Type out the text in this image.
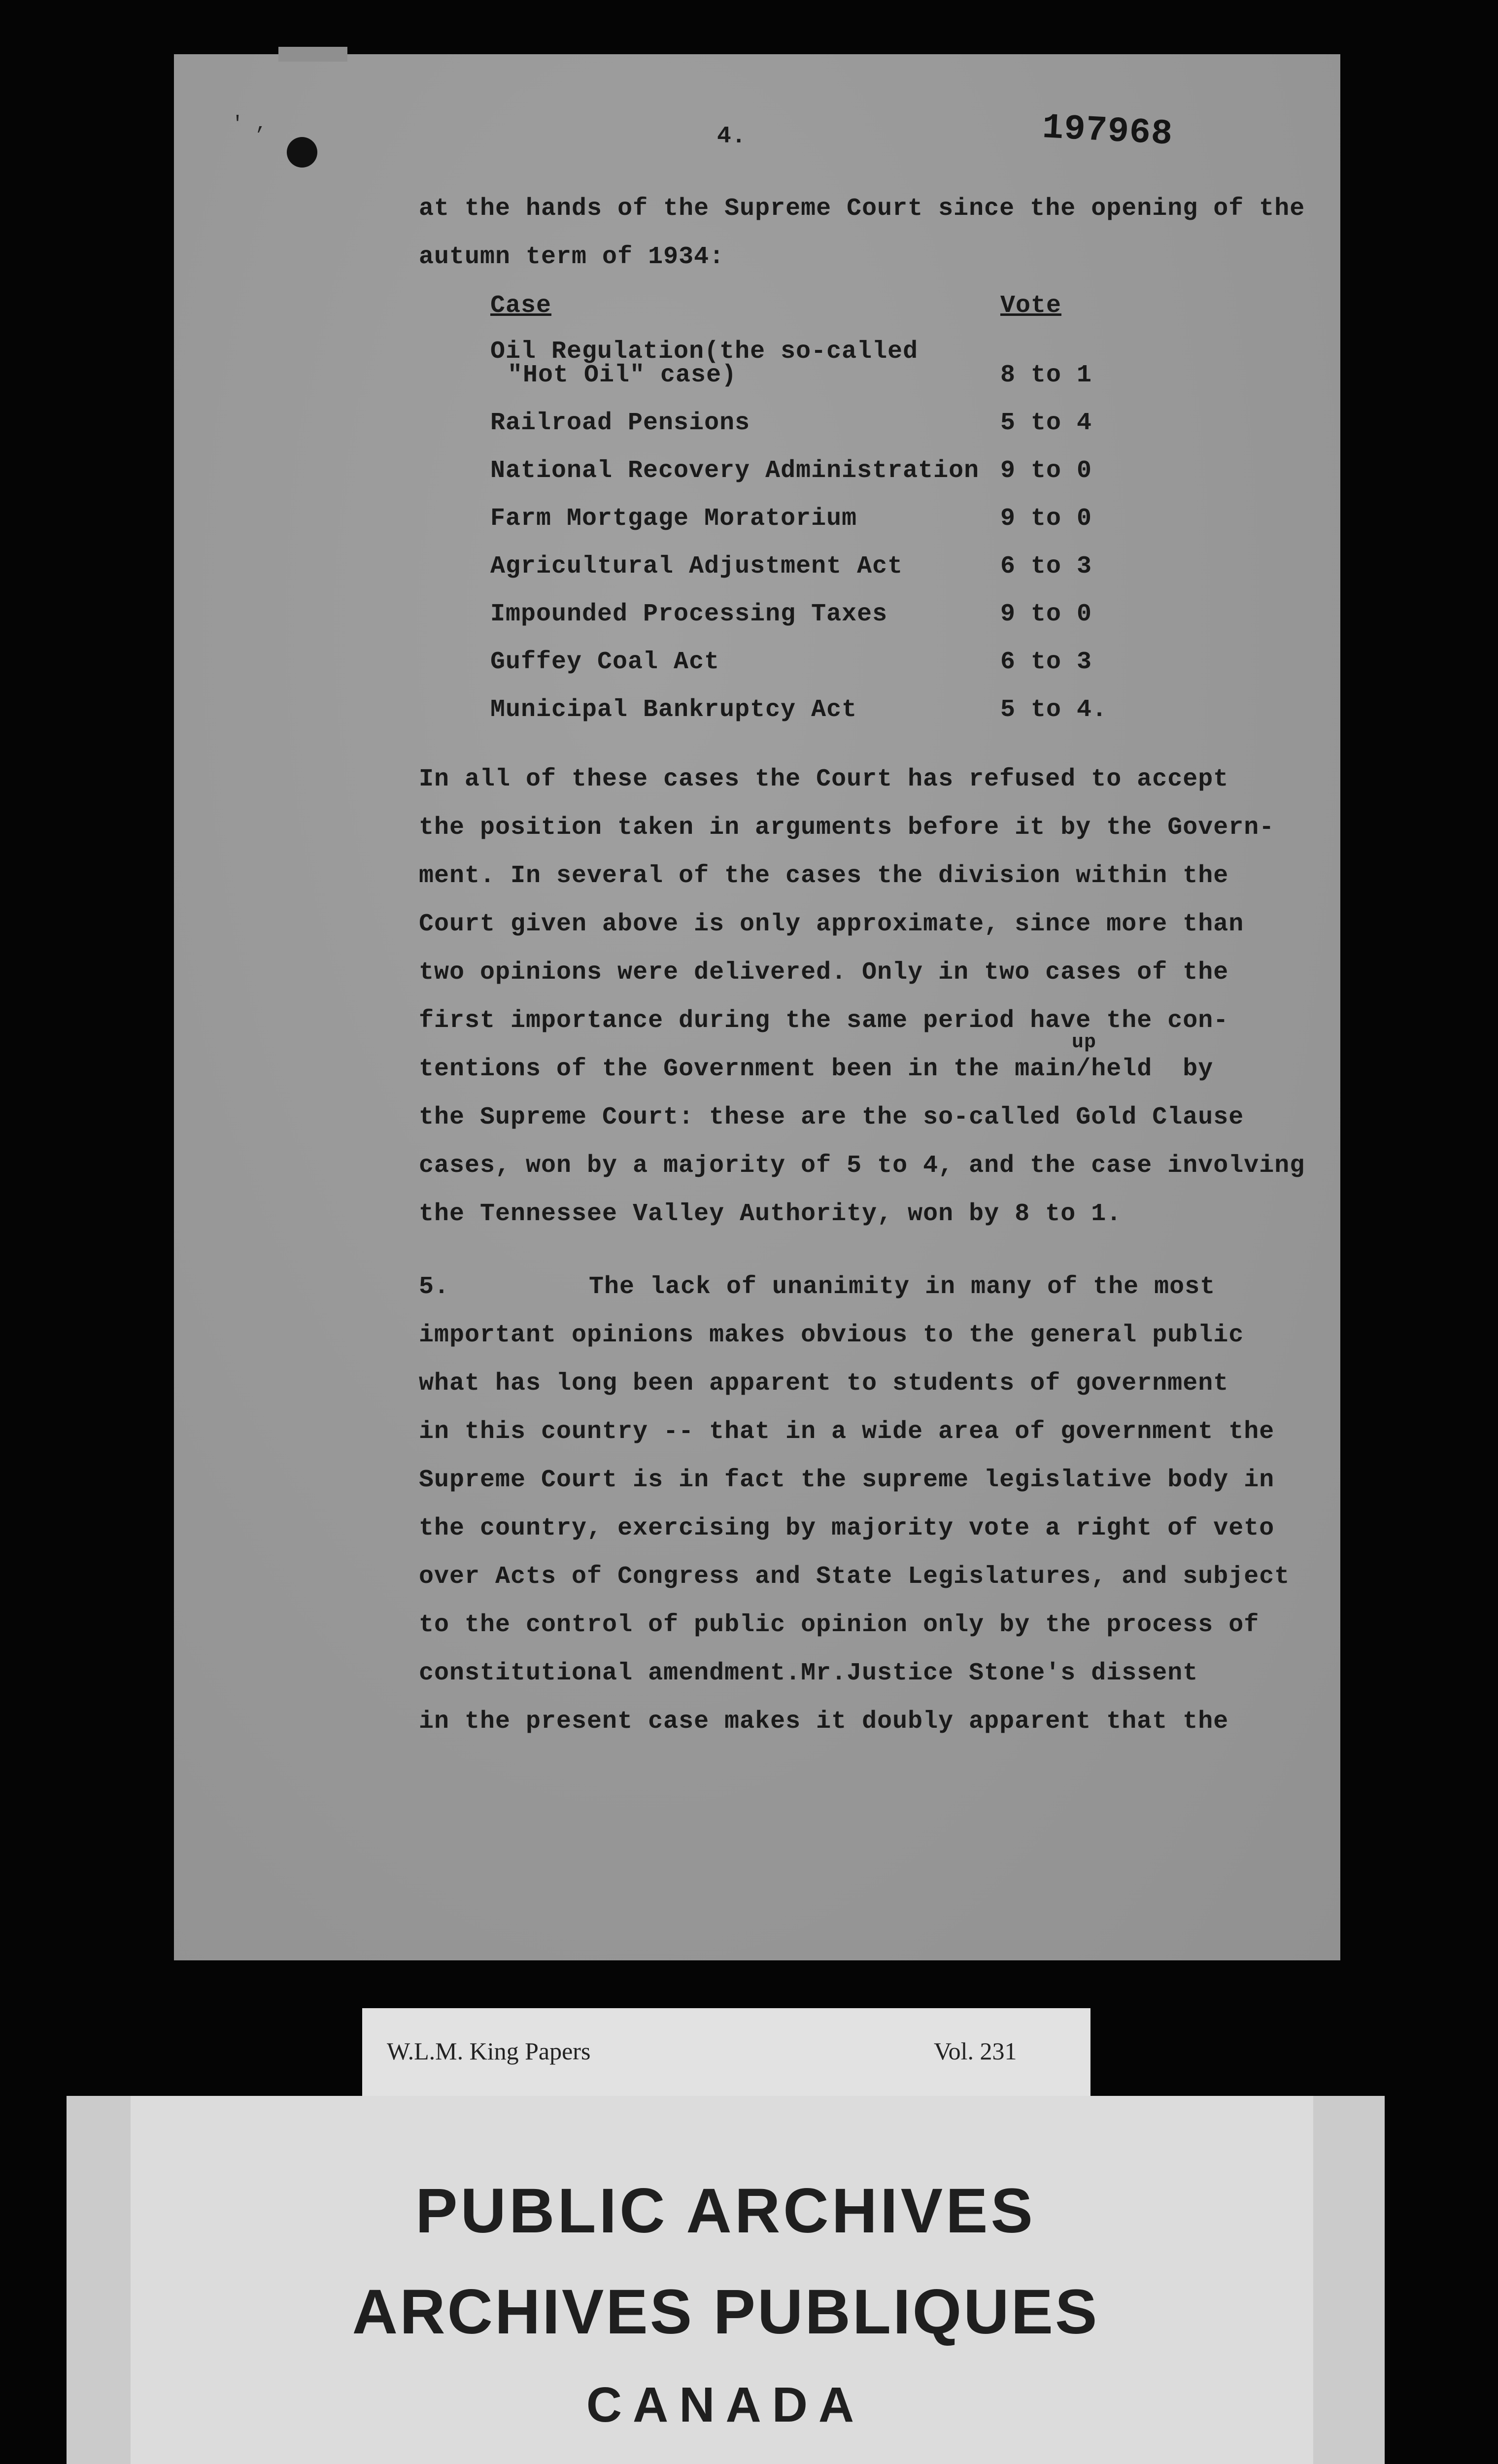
' ,	4.	197968
at the hands of the Supreme Court since the opening of the
autumn term of 1934:
Case	Vote
Oil Regulation(the so-called
"Hot Oil" case)	8 to 1
Railroad Pensions	5 to 4
National Recovery Administration 9 to 0
Farm Mortgage Moratorium	9 to 0
Agricultural Adjustment Act	6 to 3
Impounded Processing Taxes	9 to 0
Guffey Coal Act	6 to 3
Municipal Bankruptcy Act	5 to 4.
In all of these cases the Court has refused to accept
the position taken in arguments before it by the Govern-
ment. In several of the cases the division within the
Court given above is only approximate, since more than
two opinions were delivered. Only in two cases of the
first importance during the same period have the con-
up
tentions of the Government been in the main/held  by
the Supreme Court: these are the so-called Gold Clause
cases, won by a majority of 5 to 4, and the case involving
the Tennessee Valley Authority, won by 8 to 1.
5.	The lack of unanimity in many of the most
important opinions makes obvious to the general public
what has long been apparent to students of government
in this country -- that in a wide area of government the
Supreme Court is in fact the supreme legislative body in
the country, exercising by majority vote a right of veto
over Acts of Congress and State Legislatures, and subject
to the control of public opinion only by the process of
constitutional amendment.Mr.Justice Stone's dissent
in the present case makes it doubly apparent that the
W.L.M. King Papers	Vol. 231
PUBLIC ARCHIVES
ARCHIVES PUBLIQUES
CANADA
